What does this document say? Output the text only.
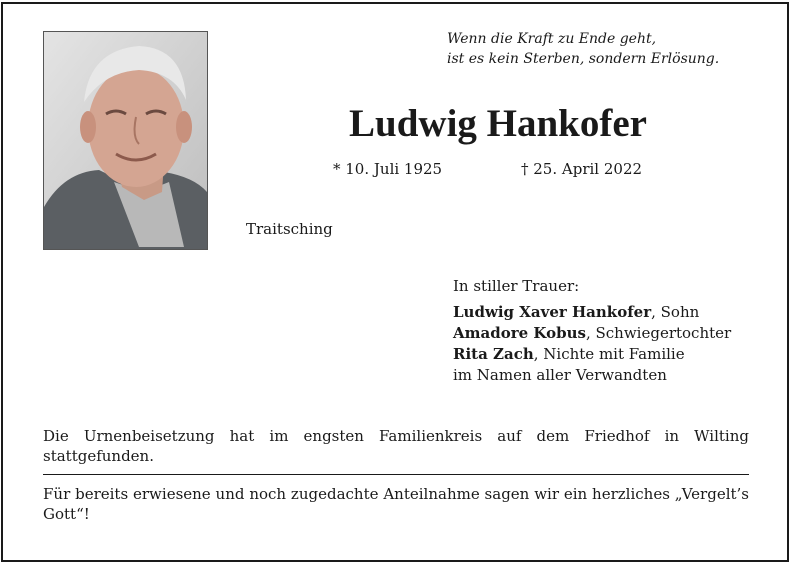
Wenn die Kraft zu Ende geht,
ist es kein Sterben, sondern Erlösung.
Ludwig Hankofer
* 10. Juli 1925	† 25. April 2022
Traitsching
In stiller Trauer:
Ludwig Xaver Hankofer, Sohn
Amadore Kobus, Schwiegertochter
Rita Zach, Nichte mit Familie
im Namen aller Verwandten
Die Urnenbeisetzung hat im engsten Familienkreis auf dem Friedhof in Wilting stattgefunden.
Für bereits erwiesene und noch zugedachte Anteilnahme sagen wir ein herzliches „Vergelt’s Gott“!
